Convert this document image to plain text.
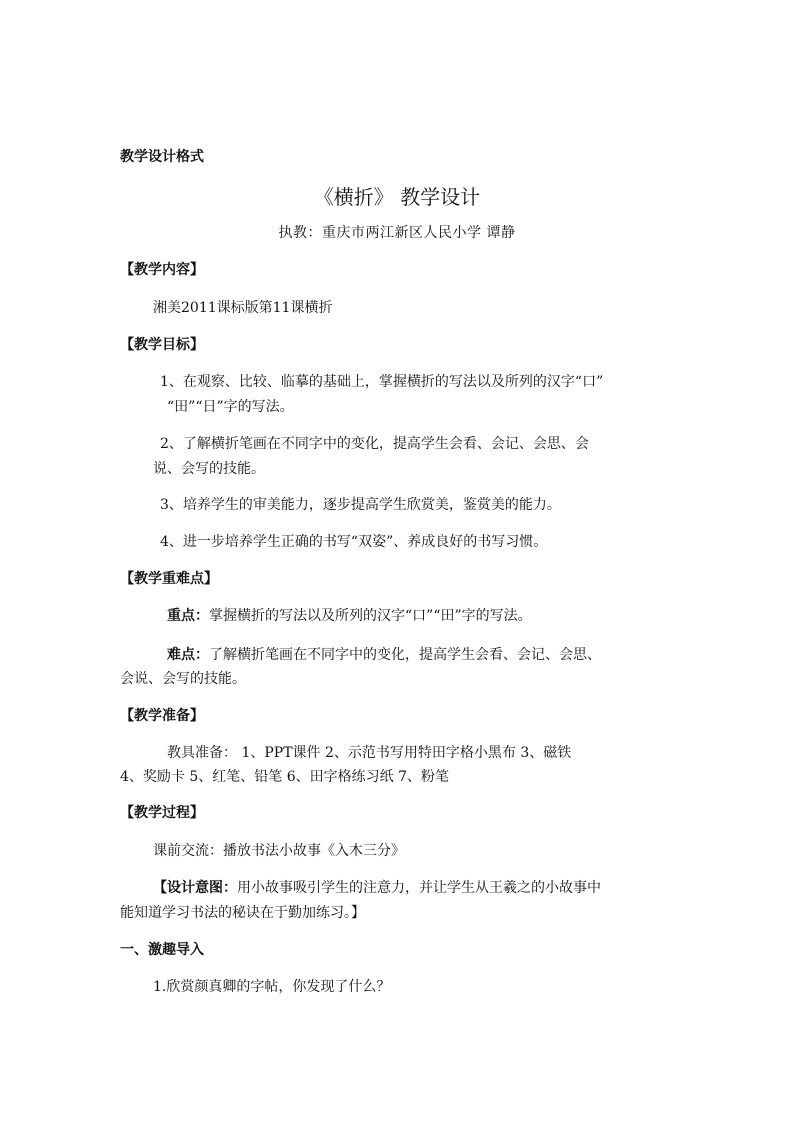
教学设计格式
《横折》 教学设计
执教：重庆市两江新区人民小学 谭静
【教学内容】
湘美2011课标版第11课横折
【教学目标】
1、在观察、比较、临摹的基础上，掌握横折的写法以及所列的汉字“口”
“田”“日”字的写法。
2、了解横折笔画在不同字中的变化，提高学生会看、会记、会思、会
说、会写的技能。
3、培养学生的审美能力，逐步提高学生欣赏美，鉴赏美的能力。
4、进一步培养学生正确的书写“双姿”、养成良好的书写习惯。
【教学重难点】
重点：掌握横折的写法以及所列的汉字“口”“田”字的写法。
难点：了解横折笔画在不同字中的变化，提高学生会看、会记、会思、
会说、会写的技能。
【教学准备】
教具准备： 1、PPT课件 2、示范书写用特田字格小黑布 3、磁铁
4、奖励卡 5、红笔、铅笔 6、田字格练习纸 7、粉笔
【教学过程】
课前交流：播放书法小故事《入木三分》
【设计意图：用小故事吸引学生的注意力，并让学生从王羲之的小故事中
能知道学习书法的秘诀在于勤加练习。】
一、激趣导入
1.欣赏颜真卿的字帖，你发现了什么？
